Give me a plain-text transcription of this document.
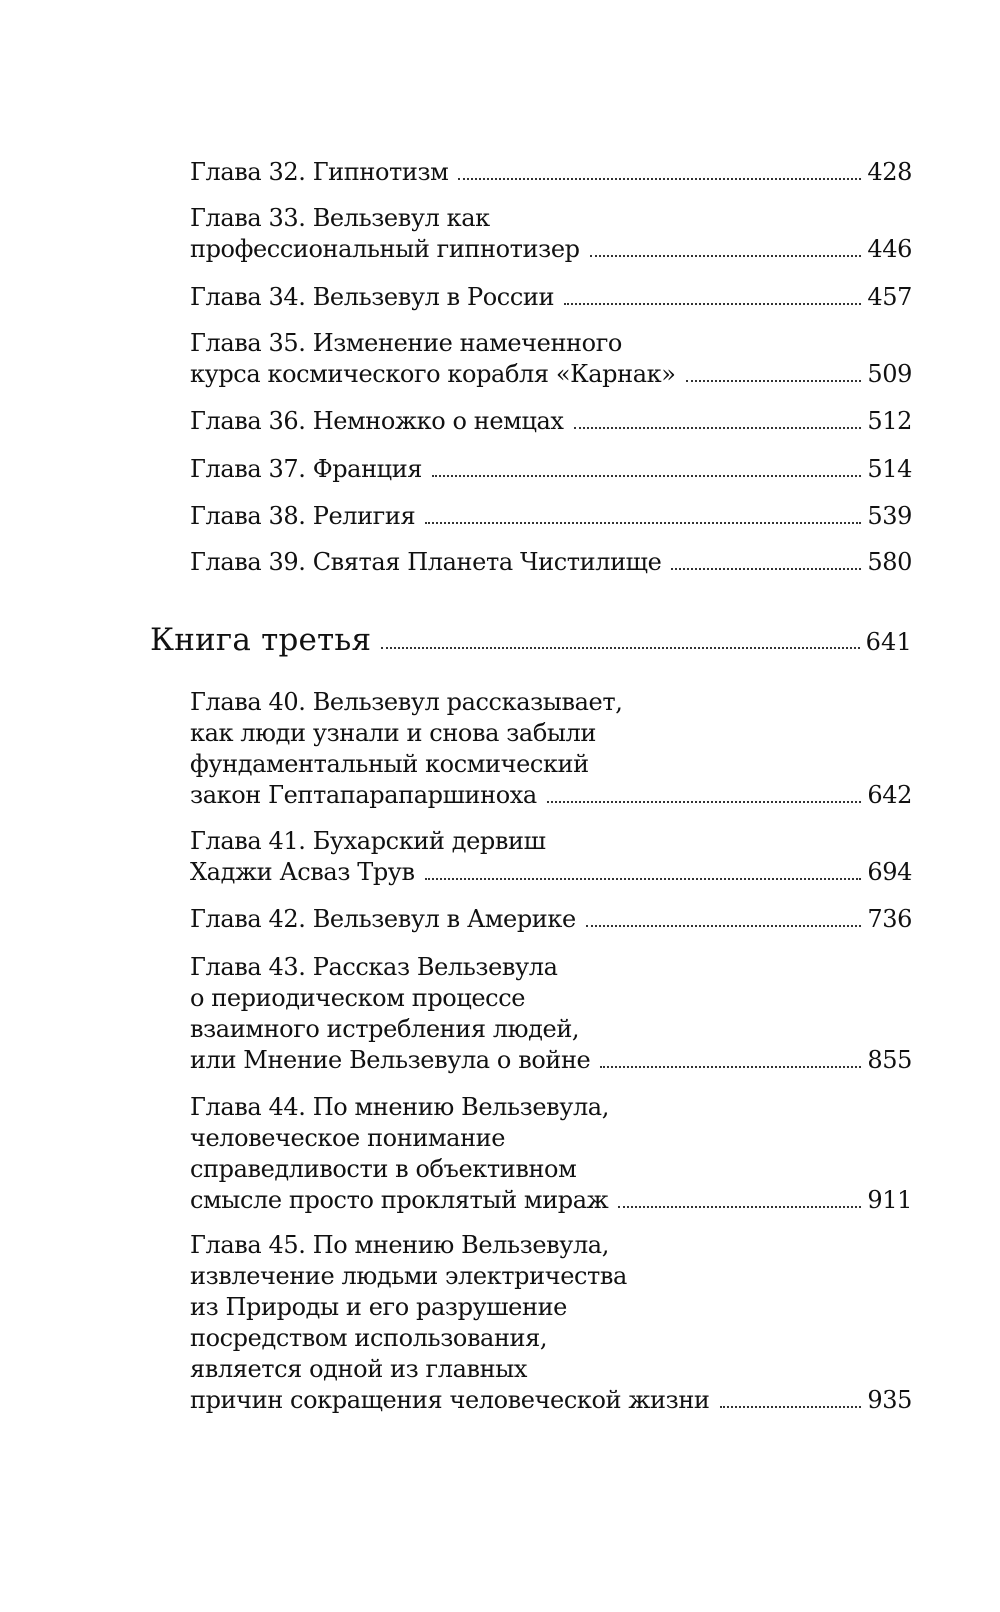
Глава 32. Гипнотизм	428
Глава 33. Вельзевул как
профессиональный гипнотизер	446
Глава 34. Вельзевул в России	457
Глава 35. Изменение намеченного
курса космического корабля «Карнак»	509
Глава 36. Немножко о немцах	512
Глава 37. Франция	514
Глава 38. Религия	539
Глава 39. Святая Планета Чистилище	580
Книга третья	641
Глава 40. Вельзевул рассказывает,
как люди узнали и снова забыли
фундаментальный космический
закон Гептапарапаршиноха	642
Глава 41. Бухарский дервиш
Хаджи Асваз Трув	694
Глава 42. Вельзевул в Америке	736
Глава 43. Рассказ Вельзевула
о периодическом процессе
взаимного истребления людей,
или Мнение Вельзевула о войне	855
Глава 44. По мнению Вельзевула,
человеческое понимание
справедливости в объективном
смысле просто проклятый мираж	911
Глава 45. По мнению Вельзевула,
извлечение людьми электричества
из Природы и его разрушение
посредством использования,
является одной из главных
причин сокращения человеческой жизни	935
